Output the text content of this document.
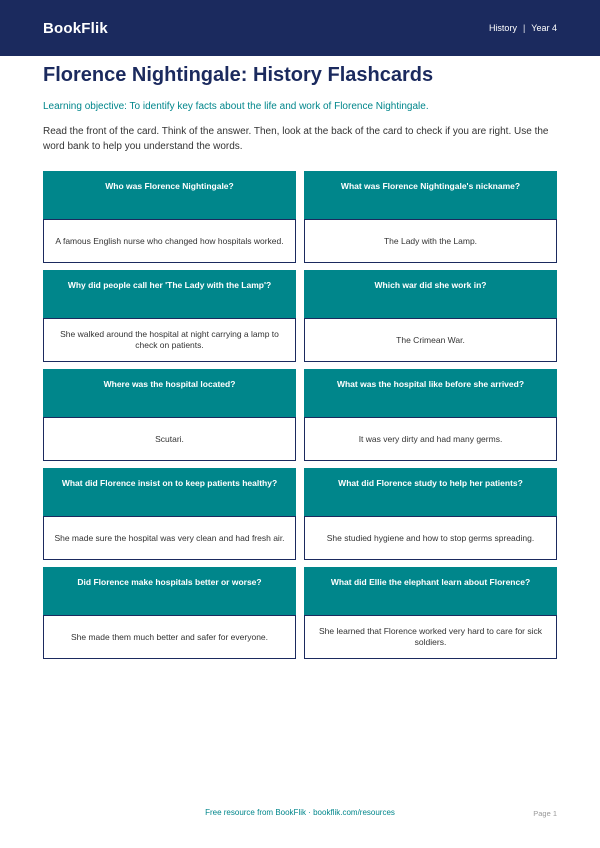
BookFlik	History | Year 4
Florence Nightingale: History Flashcards

Learning objective: To identify key facts about the life and work of Florence Nightingale.

Read the front of the card. Think of the answer. Then, look at the back of the card to check if you are right. Use the word bank to help you understand the words.

Who was Florence Nightingale?
A famous English nurse who changed how hospitals worked.
What was Florence Nightingale's nickname?
The Lady with the Lamp.
Why did people call her 'The Lady with the Lamp'?
She walked around the hospital at night carrying a lamp to check on patients.
Which war did she work in?
The Crimean War.
Where was the hospital located?
Scutari.
What was the hospital like before she arrived?
It was very dirty and had many germs.
What did Florence insist on to keep patients healthy?
She made sure the hospital was very clean and had fresh air.
What did Florence study to help her patients?
She studied hygiene and how to stop germs spreading.
Did Florence make hospitals better or worse?
She made them much better and safer for everyone.
What did Ellie the elephant learn about Florence?
She learned that Florence worked very hard to care for sick soldiers.
Free resource from BookFlik · bookflik.com/resources	Page 1
